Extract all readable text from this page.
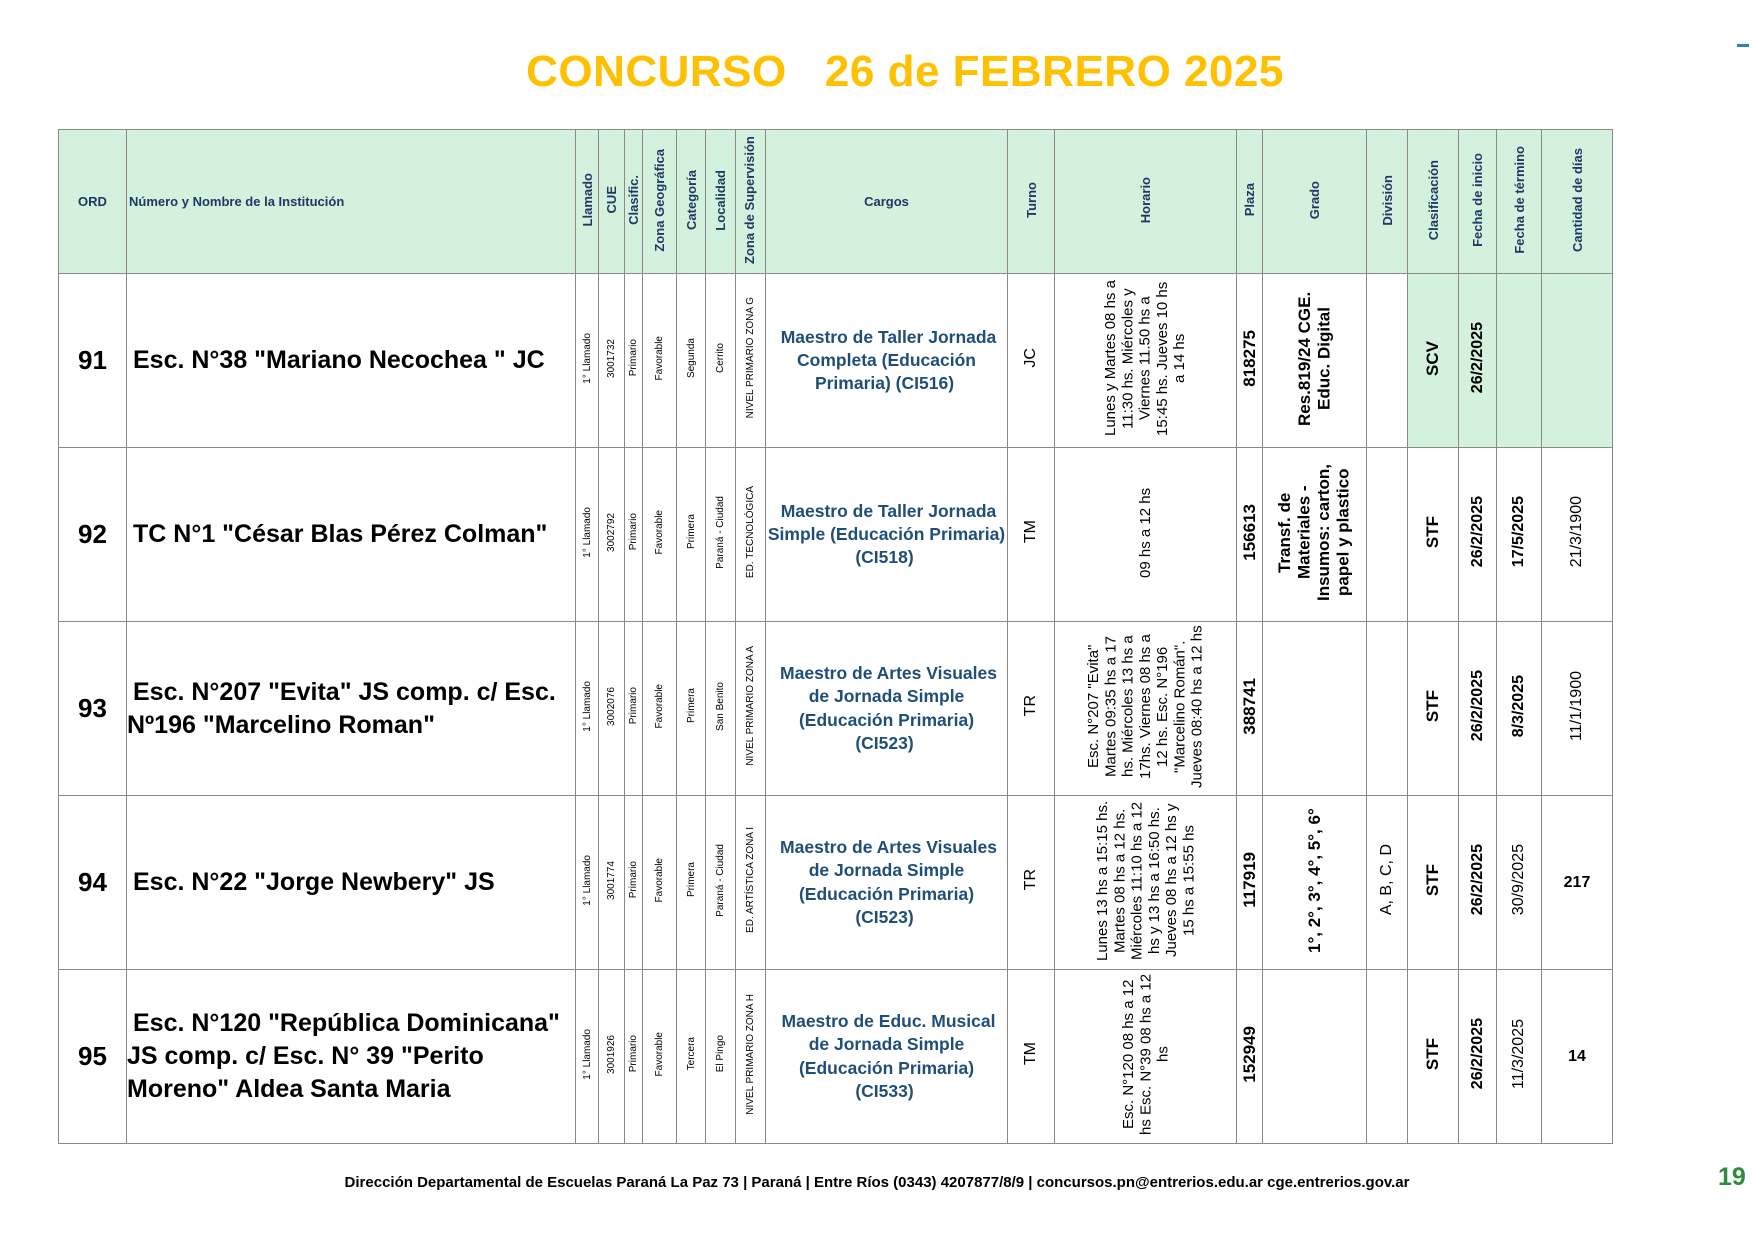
CONCURSO   26 de FEBRERO 2025
ORD	Número y Nombre de la Institución	Llamado	CUE	Clasific.	Zona Geográfica	Categoría	Localidad	Zona de Supervisión	Cargos	Turno	Horario	Plaza	Grado	División	Clasificación	Fecha de inicio	Fecha de término	Cantidad de días
91	Esc. N°38 "Mariano Necochea " JC	1° Llamado	3001732	Primario	Favorable	Segunda	Cerrito	NIVEL PRIMARIO ZONA G	Maestro de Taller Jornada Completa (Educación Primaria) (CI516)	JC	Lunes y Martes 08 hs a 11:30 hs. Miércoles y Viernes 11.50 hs a 15:45 hs. Jueves 10 hs a 14 hs	818275	Res.819/24 CGE. Educ. Digital		SCV	26/2/2025		
92	TC N°1 "César Blas Pérez Colman"	1° Llamado	3002792	Primario	Favorable	Primera	Paraná - Ciudad	ED. TECNOLÓGICA	Maestro de Taller Jornada Simple (Educación Primaria) (CI518)	TM	09 hs a 12 hs	156613	Transf. de Materiales - Insumos: carton, papel y plastico		STF	26/2/2025	17/5/2025	21/3/1900
93	Esc. N°207 "Evita" JS comp. c/ Esc. Nº196 "Marcelino Roman"	1° Llamado	3002076	Primario	Favorable	Primera	San Benito	NIVEL PRIMARIO ZONA A	Maestro de Artes Visuales de Jornada Simple (Educación Primaria) (CI523)	TR	Esc. N°207 "Evita" Martes 09:35 hs a 17 hs. Miércoles 13 hs a 17hs. Viernes 08 hs a 12 hs. Esc. N°196 "Marcelino Román". Jueves 08:40 hs a 12 hs	388741			STF	26/2/2025	8/3/2025	11/1/1900
94	Esc. N°22 "Jorge Newbery" JS	1° Llamado	3001774	Primario	Favorable	Primera	Paraná - Ciudad	ED. ARTÍSTICA ZONA I	Maestro de Artes Visuales de Jornada Simple (Educación Primaria) (CI523)	TR	Lunes 13 hs a 15:15 hs. Martes 08 hs a 12 hs. Miércoles 11:10 hs a 12 hs y 13 hs a 16:50 hs. Jueves 08 hs a 12 hs y 15 hs a 15:55 hs	117919	1°, 2°, 3°, 4°, 5°, 6°	A, B, C, D	STF	26/2/2025	30/9/2025	217
95	Esc. N°120 "República Dominicana" JS comp. c/ Esc. N° 39 "Perito Moreno" Aldea Santa Maria	1° Llamado	3001926	Primario	Favorable	Tercera	El Pingo	NIVEL PRIMARIO ZONA H	Maestro de Educ. Musical de Jornada Simple (Educación Primaria) (CI533)	TM	Esc. N°120 08 hs a 12 hs Esc. N°39 08 hs a 12 hs	152949			STF	26/2/2025	11/3/2025	14
Dirección Departamental de Escuelas Paraná La Paz 73 | Paraná | Entre Ríos (0343) 4207877/8/9 | concursos.pn@entrerios.edu.ar cge.entrerios.gov.ar	19
